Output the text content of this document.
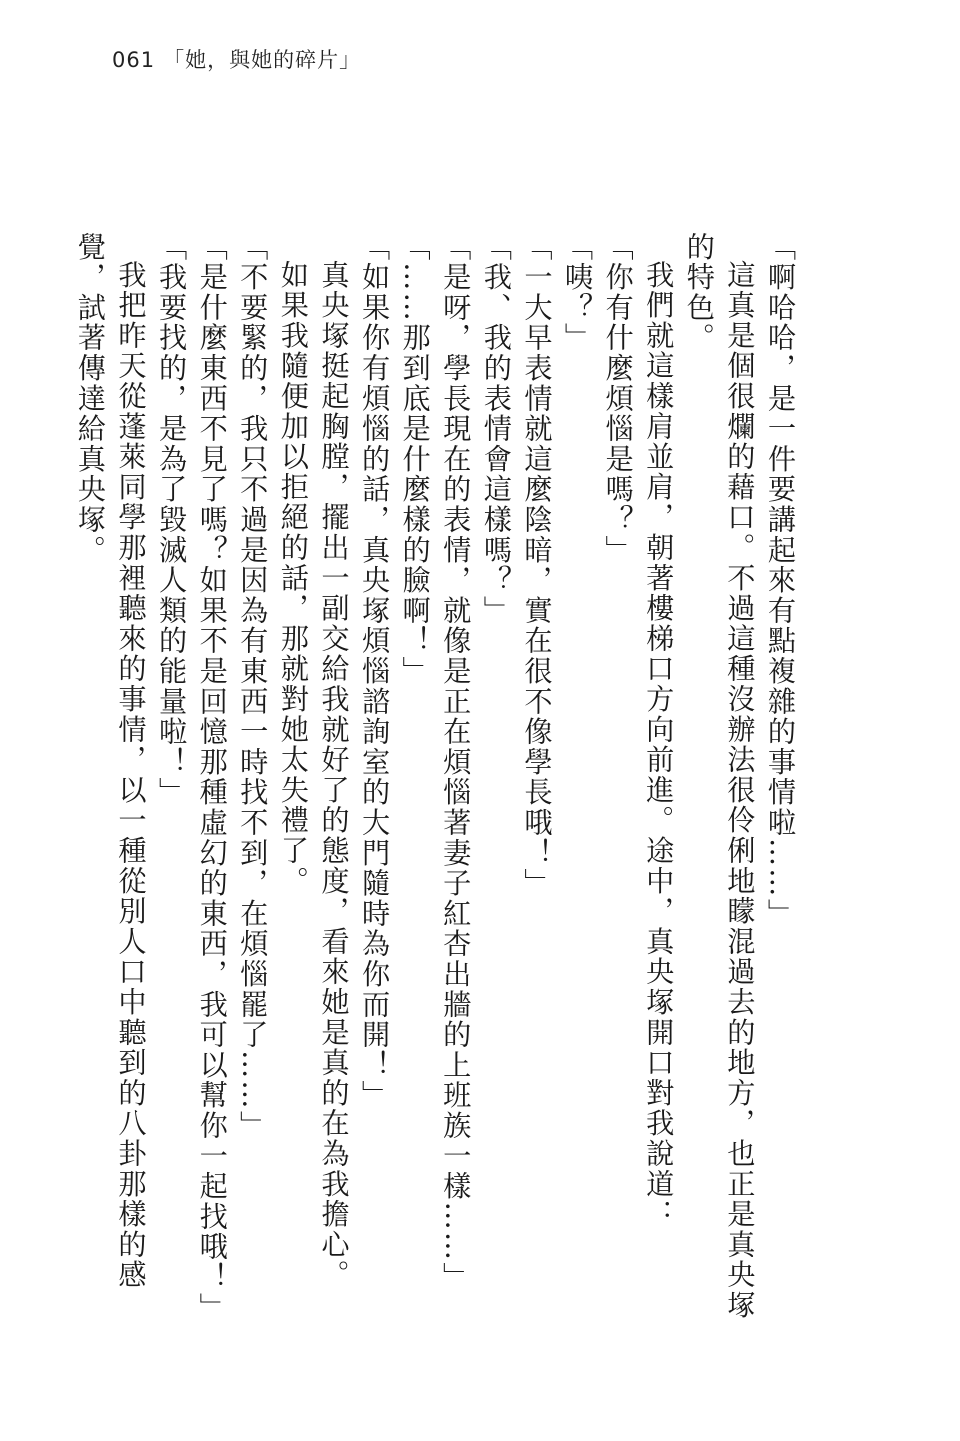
061 「她，與她的碎片」

「啊哈哈，是一件要講起來有點複雜的事情啦……」

這真是個很爛的藉口。不過這種沒辦法很伶俐地矇混過去的地方，也正是真央塚的特色。

我們就這樣肩並肩，朝著樓梯口方向前進。途中，真央塚開口對我說道：

「你有什麼煩惱是嗎？」

「咦？」

「一大早表情就這麼陰暗，實在很不像學長哦！」

「我、我的表情會這樣嗎？」

「是呀，學長現在的表情，就像是正在煩惱著妻子紅杏出牆的上班族一樣……」

「……那到底是什麼樣的臉啊！」

「如果你有煩惱的話，真央塚煩惱諮詢室的大門隨時為你而開！」

真央塚挺起胸膛，擺出一副交給我就好了的態度，看來她是真的在為我擔心。

如果我隨便加以拒絕的話，那就對她太失禮了。

「不要緊的，我只不過是因為有東西一時找不到，在煩惱罷了……」

「是什麼東西不見了嗎？如果不是回憶那種虛幻的東西，我可以幫你一起找哦！」

「我要找的，是為了毀滅人類的能量啦！」

我把昨天從蓬萊同學那裡聽來的事情，以一種從別人口中聽到的八卦那樣的感覺，試著傳達給真央塚。
